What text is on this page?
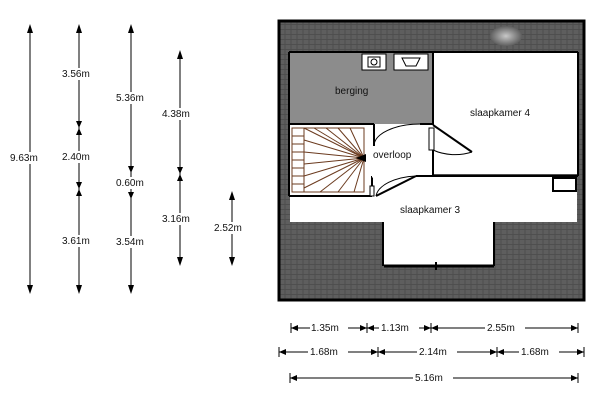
9.63m
3.56m
2.40m
3.61m
5.36m
0.60m
3.54m
4.38m
3.16m
2.52m
berging
slaapkamer 4
overloop
slaapkamer 3
1.35m	1.13m	2.55m
1.68m	2.14m	1.68m
5.16m
